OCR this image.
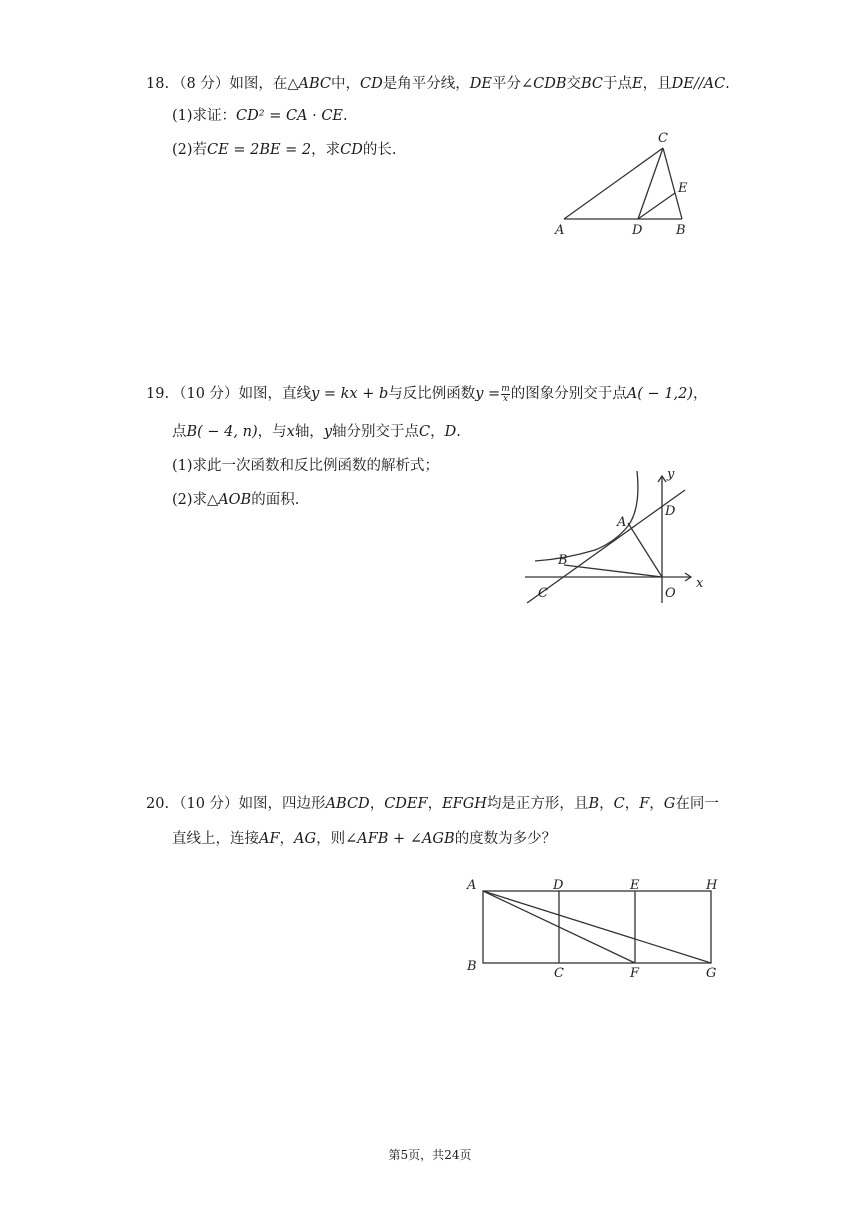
18. （8 分）如图，在△ABC中，CD是角平分线，DE平分∠CDB交BC于点E，且DE//AC.
(1)求证：CD² = CA · CE.
(2)若CE = 2BE = 2，求CD的长.
C
E
A	D	B
19. （10 分）如图，直线y = kx + b与反比例函数$y =\frac{m}{x}$的图象分别交于点A( − 1,2)，
点B( − 4, n)，与x轴，y轴分别交于点C，D.
(1)求此一次函数和反比例函数的解析式；
(2)求△AOB的面积.
y
D
A
B
x
C	O
20. （10 分）如图，四边形ABCD，CDEF，EFGH均是正方形，且B，C，F，G在同一
直线上，连接AF，AG，则∠AFB + ∠AGB的度数为多少？
A	D	E	H
B	C	F	G
第5页，共24页
